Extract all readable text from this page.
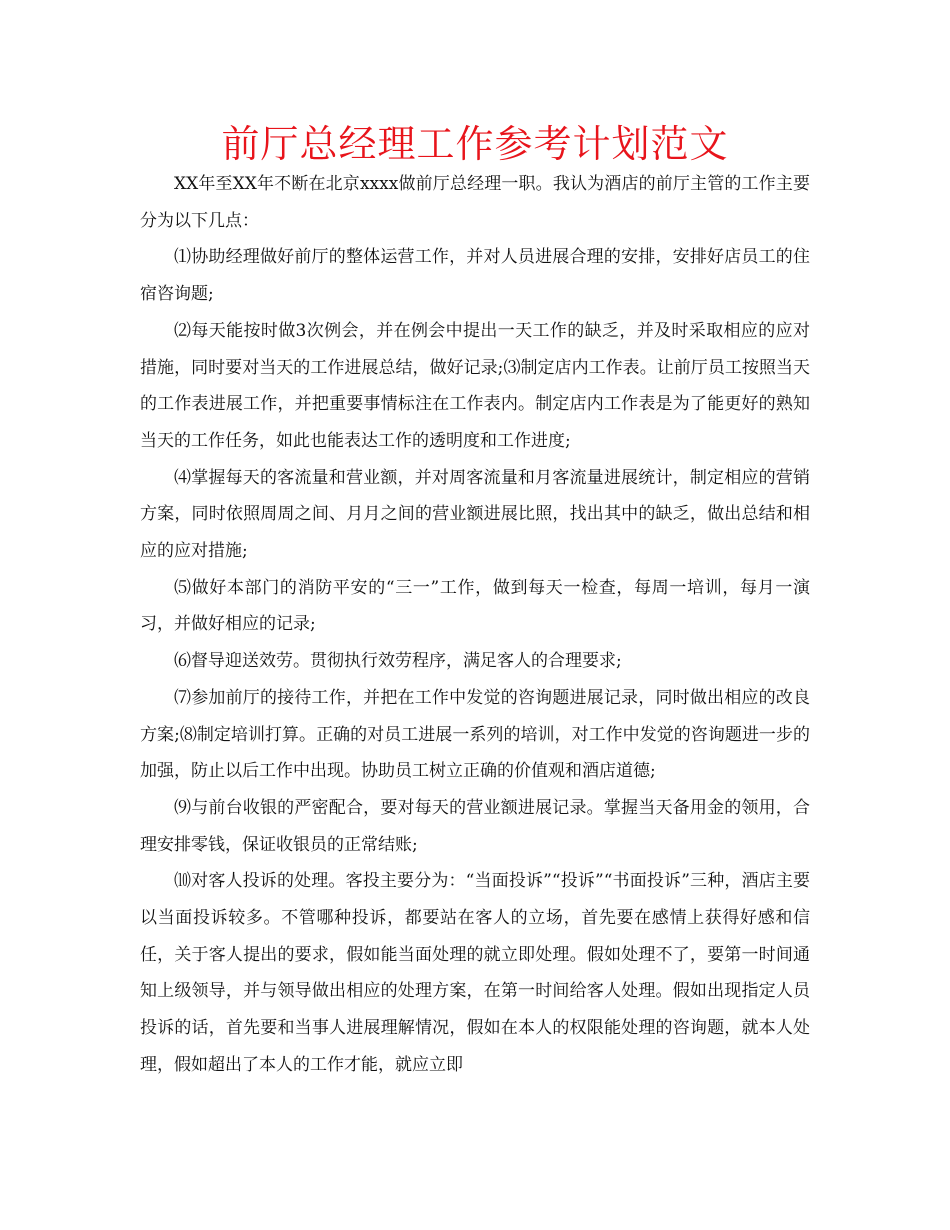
前厅总经理工作参考计划范文

XX年至XX年不断在北京xxxx做前厅总经理一职。我认为酒店的前厅主管的工作主要分为以下几点：

⑴协助经理做好前厅的整体运营工作，并对人员进展合理的安排，安排好店员工的住宿咨询题;

⑵每天能按时做3次例会，并在例会中提出一天工作的缺乏，并及时采取相应的应对措施，同时要对当天的工作进展总结，做好记录;⑶制定店内工作表。让前厅员工按照当天的工作表进展工作，并把重要事情标注在工作表内。制定店内工作表是为了能更好的熟知当天的工作任务，如此也能表达工作的透明度和工作进度;

⑷掌握每天的客流量和营业额，并对周客流量和月客流量进展统计，制定相应的营销方案，同时依照周周之间、月月之间的营业额进展比照，找出其中的缺乏，做出总结和相应的应对措施;

⑸做好本部门的消防平安的“三一”工作，做到每天一检查，每周一培训，每月一演习，并做好相应的记录;

⑹督导迎送效劳。贯彻执行效劳程序，满足客人的合理要求;

⑺参加前厅的接待工作，并把在工作中发觉的咨询题进展记录，同时做出相应的改良方案;⑻制定培训打算。正确的对员工进展一系列的培训，对工作中发觉的咨询题进一步的加强，防止以后工作中出现。协助员工树立正确的价值观和酒店道德;

⑼与前台收银的严密配合，要对每天的营业额进展记录。掌握当天备用金的领用，合理安排零钱，保证收银员的正常结账;

⑽对客人投诉的处理。客投主要分为：“当面投诉”“投诉”“书面投诉”三种，酒店主要以当面投诉较多。不管哪种投诉，都要站在客人的立场，首先要在感情上获得好感和信任，关于客人提出的要求，假如能当面处理的就立即处理。假如处理不了，要第一时间通知上级领导，并与领导做出相应的处理方案，在第一时间给客人处理。假如出现指定人员投诉的话，首先要和当事人进展理解情况，假如在本人的权限能处理的咨询题，就本人处理，假如超出了本人的工作才能，就应立即
